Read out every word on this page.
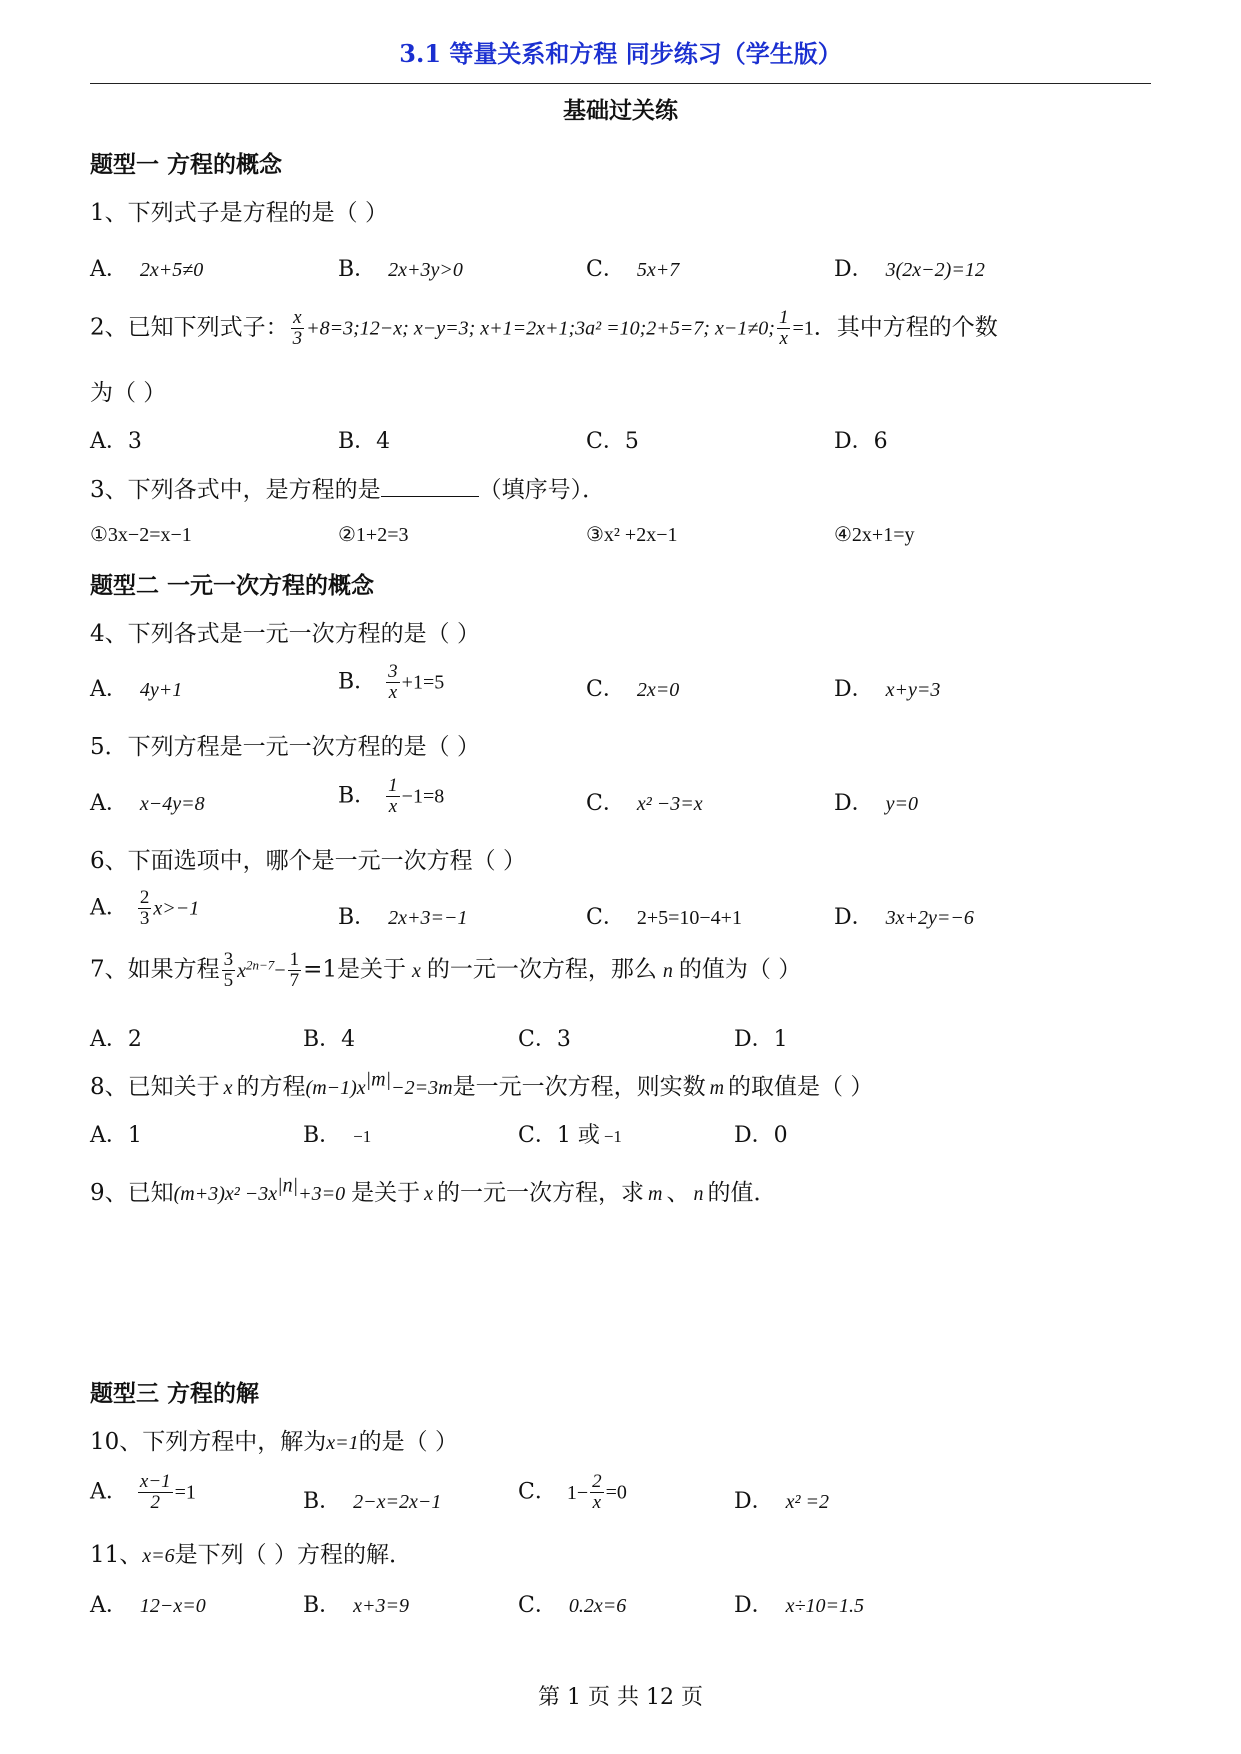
3.1 等量关系和方程 同步练习（学生版）
基础过关练
题型一 方程的概念
1、下列式子是方程的是（ ）
A． 2x+5≠0	B． 2x+3y>0	C． 5x+7	D． 3(2x−2)=12
2、已知下列式子： $\frac{x}{3}$ +8=3;12−x; x−y=3; x+1=2x+1;3a² =10;2+5=7; x−1≠0; $\frac{1}{x} =1$．其中方程的个数
为（ ）
A．3	B．4	C．5	D．6
3、下列各式中，是方程的是	（填序号）．
①3x−2=x−1	②1+2=3	③x² +2x−1	④2x+1=y
题型二 一元一次方程的概念
4、下列各式是一元一次方程的是（ ）
A． 4y+1	B． $\frac{3}{x} +1=5$	C． 2x=0	D． x+y=3
5．下列方程是一元一次方程的是（ ）
A． x−4y=8	B． $\frac{1}{x} -1=8$	C． x² −3=x	D． y=0
6、下面选项中，哪个是一元一次方程（ ）
A． $\frac{2}{3} x>-1$	B． 2x+3=−1	C． 2+5=10−4+1	D． 3x+2y=−6
7、如果方程 $\frac{3}{5} x^{2n-7}- \frac{1}{7} =1$是关于 x 的一元一次方程，那么 n 的值为（ ）
A．2	B．4	C．3	D．1
8、已知关于 x 的方程$(m-1)x^{|m|}-2=3m$是一元一次方程，则实数 m 的取值是（ ）
A．1	B． −1	C．1 或 −1	D．0
9、已知$(m+3)x^2 -3x^{|n|}+3=0$ 是关于 x 的一元一次方程，求 m 、 n 的值．
题型三 方程的解
10、下列方程中，解为x=1的是（ ）
A． $\frac{x-1}{2} =1$	B． 2−x=2x−1	C． $1- \frac{2}{x} =0$	D． x² =2
11、x=6是下列（ ）方程的解．
A． 12−x=0	B． x+3=9	C． 0.2x=6	D． x÷10=1.5
第 1 页 共 12 页
